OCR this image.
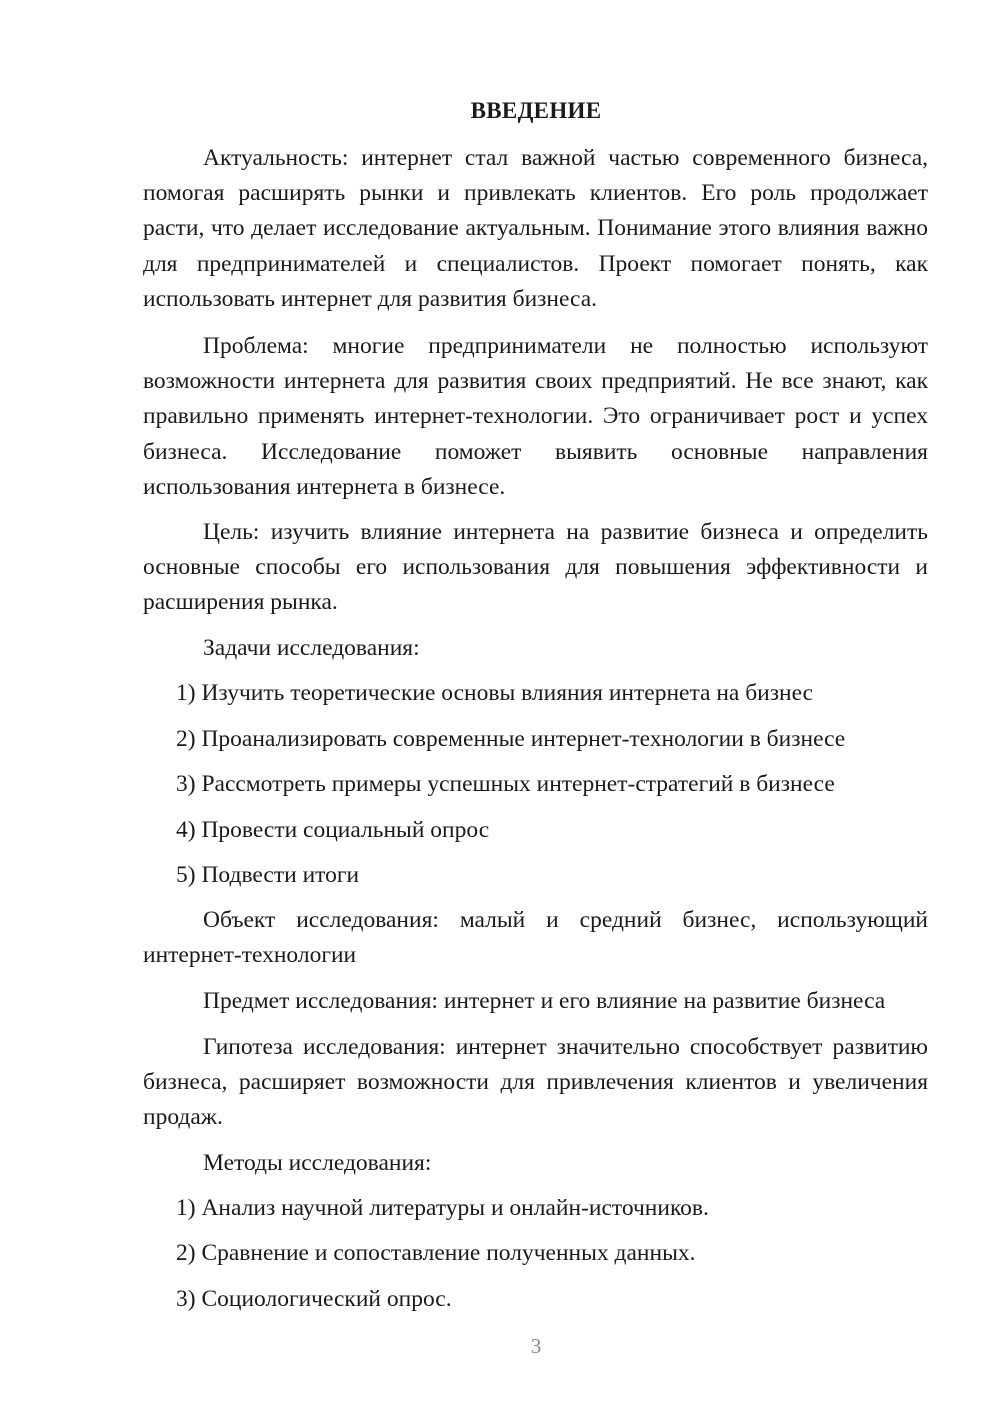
ВВЕДЕНИЕ

Актуальность: интернет стал важной частью современного бизнеса, помогая расширять рынки и привлекать клиентов. Его роль продолжает расти, что делает исследование актуальным. Понимание этого влияния важно для предпринимателей и специалистов. Проект помогает понять, как использовать интернет для развития бизнеса.

Проблема: многие предприниматели не полностью используют возможности интернета для развития своих предприятий. Не все знают, как правильно применять интернет-технологии. Это ограничивает рост и успех бизнеса. Исследование поможет выявить основные направления использования интернета в бизнесе.

Цель: изучить влияние интернета на развитие бизнеса и определить основные способы его использования для повышения эффективности и расширения рынка.

Задачи исследования:

1) Изучить теоретические основы влияния интернета на бизнес

2) Проанализировать современные интернет-технологии в бизнесе

3) Рассмотреть примеры успешных интернет-стратегий в бизнесе

4) Провести социальный опрос

5) Подвести итоги

Объект исследования: малый и средний бизнес, использующий интернет-технологии

Предмет исследования: интернет и его влияние на развитие бизнеса

Гипотеза исследования: интернет значительно способствует развитию бизнеса, расширяет возможности для привлечения клиентов и увеличения продаж.

Методы исследования:

1) Анализ научной литературы и онлайн-источников.

2) Сравнение и сопоставление полученных данных.

3) Социологический опрос.

3
